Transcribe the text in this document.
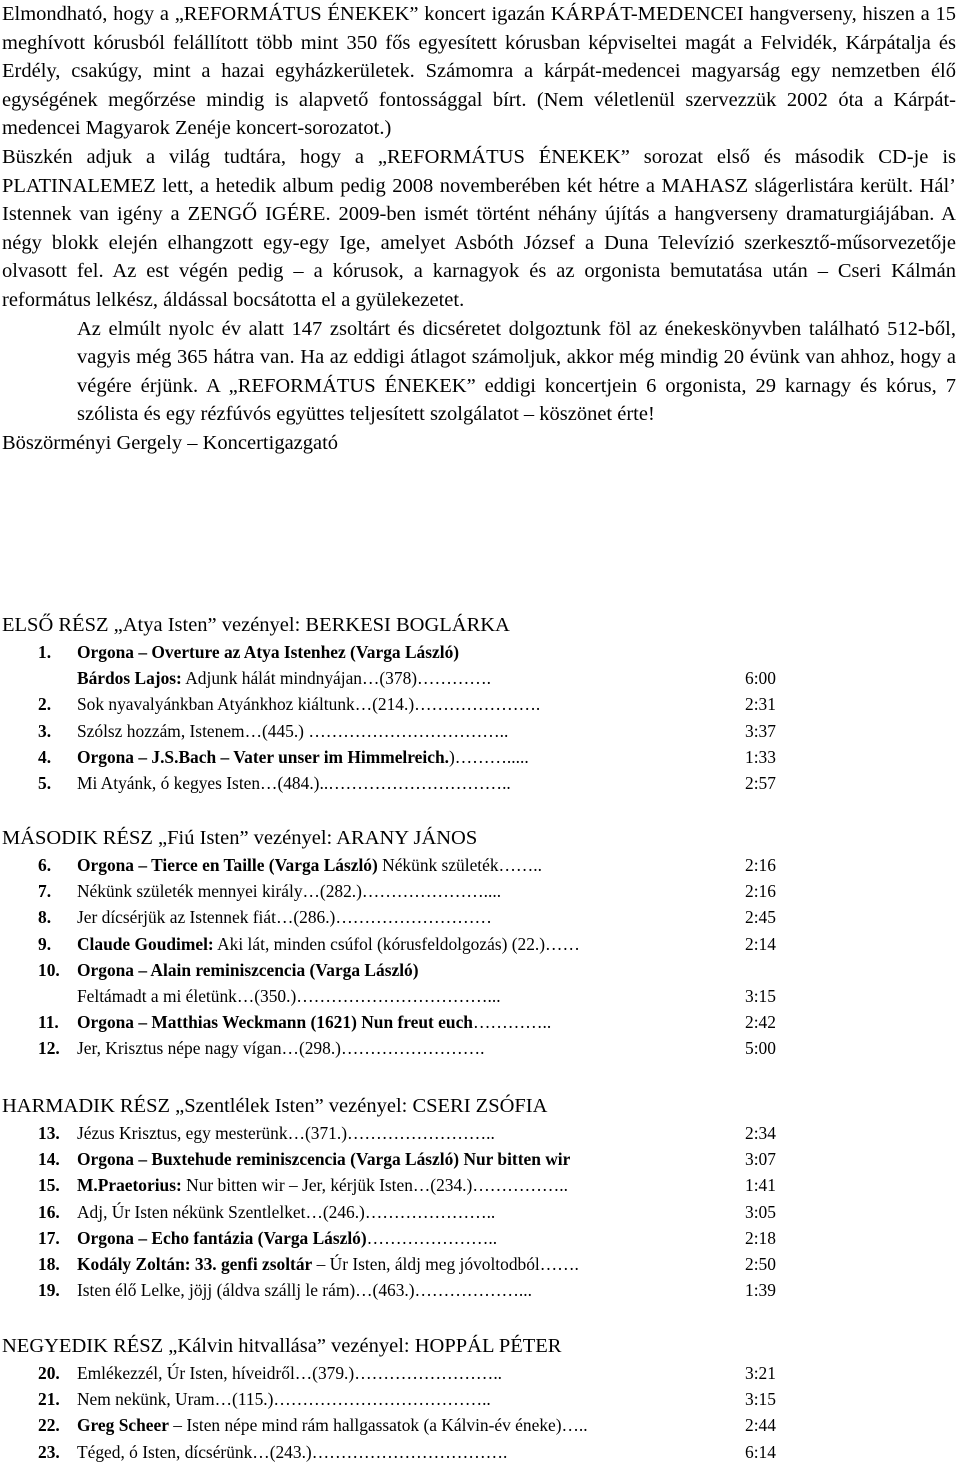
Elmondható, hogy a „REFORMÁTUS ÉNEKEK” koncert igazán KÁRPÁT-MEDENCEI hangverseny, hiszen a 15 meghívott kórusból felállított több mint 350 fős egyesített kórusban képviseltei magát a Felvidék, Kárpátalja és Erdély, csakúgy, mint a hazai egyházkerületek. Számomra a kárpát-medencei magyarság egy nemzetben élő egységének megőrzése mindig is alapvető fontossággal bírt. (Nem véletlenül szervezzük 2002 óta a Kárpát-medencei Magyarok Zenéje koncert-sorozatot.)

Büszkén adjuk a világ tudtára, hogy a „REFORMÁTUS ÉNEKEK” sorozat első és második CD-je is PLATINALEMEZ lett, a hetedik album pedig 2008 novemberében két hétre a MAHASZ slágerlistára került. Hál’ Istennek van igény a ZENGŐ IGÉRE. 2009-ben ismét történt néhány újítás a hangverseny dramaturgiájában. A négy blokk elején elhangzott egy-egy Ige, amelyet Asbóth József a Duna Televízió szerkesztő-műsorvezetője olvasott fel. Az est végén pedig – a kórusok, a karnagyok és az orgonista bemutatása után – Cseri Kálmán református lelkész, áldással bocsátotta el a gyülekezetet.

Az elmúlt nyolc év alatt 147 zsoltárt és dicséretet dolgoztunk föl az énekeskönyvben található 512-ből, vagyis még 365 hátra van. Ha az eddigi átlagot számoljuk, akkor még mindig 20 évünk van ahhoz, hogy a végére érjünk. A „REFORMÁTUS ÉNEKEK” eddigi koncertjein 6 orgonista, 29 karnagy és kórus, 7 szólista és egy rézfúvós együttes teljesített szolgálatot – köszönet érte!

Böszörményi Gergely – Koncertigazgató

ELSŐ RÉSZ „Atya Isten” vezényel: BERKESI BOGLÁRKA
1. Orgona – Overture az Atya Istenhez (Varga László)
Bárdos Lajos: Adjunk hálát mindnyájan…(378)………….	6:00
2. Sok nyavalyánkban Atyánkhoz kiáltunk…(214.)………………….	2:31
3. Szólsz hozzám, Istenem…(445.) ……………………………..	3:37
4. Orgona – J.S.Bach – Vater unser im Himmelreich.)……….....	1:33
5. Mi Atyánk, ó kegyes Isten…(484.)..…………………………..	2:57
MÁSODIK RÉSZ „Fiú Isten” vezényel: ARANY JÁNOS
6. Orgona – Tierce en Taille (Varga László) Nékünk születék……..	2:16
7. Nékünk születék mennyei király…(282.)…………………....	2:16
8. Jer dícsérjük az Istennek fiát…(286.)………………………	2:45
9. Claude Goudimel: Aki lát, minden csúfol (kórusfeldolgozás) (22.)……	2:14
10. Orgona – Alain reminiszcencia (Varga László)
Feltámadt a mi életünk…(350.)……………………………...	3:15
11. Orgona – Matthias Weckmann (1621) Nun freut euch…………..	2:42
12. Jer, Krisztus népe nagy vígan…(298.)…………………….	5:00
HARMADIK RÉSZ „Szentlélek Isten” vezényel: CSERI ZSÓFIA
13. Jézus Krisztus, egy mesterünk…(371.)……………………..	2:34
14. Orgona – Buxtehude reminiszcencia (Varga László) Nur bitten wir	3:07
15. M.Praetorius: Nur bitten wir – Jer, kérjük Isten…(234.)……………..	1:41
16. Adj, Úr Isten nékünk Szentlelket…(246.)…………………..	3:05
17. Orgona – Echo fantázia (Varga László)…………………..	2:18
18. Kodály Zoltán: 33. genfi zsoltár – Úr Isten, áldj meg jóvoltodból…….	2:50
19. Isten élő Lelke, jöjj (áldva szállj le rám)…(463.)………………...	1:39
NEGYEDIK RÉSZ „Kálvin hitvallása” vezényel: HOPPÁL PÉTER
20. Emlékezzél, Úr Isten, híveidről…(379.)……………………..	3:21
21. Nem nekünk, Uram…(115.)………………………………..	3:15
22. Greg Scheer – Isten népe mind rám hallgassatok (a Kálvin-év éneke)…..	2:44
23. Téged, ó Isten, dícsérünk…(243.)…………………………….	6:14
